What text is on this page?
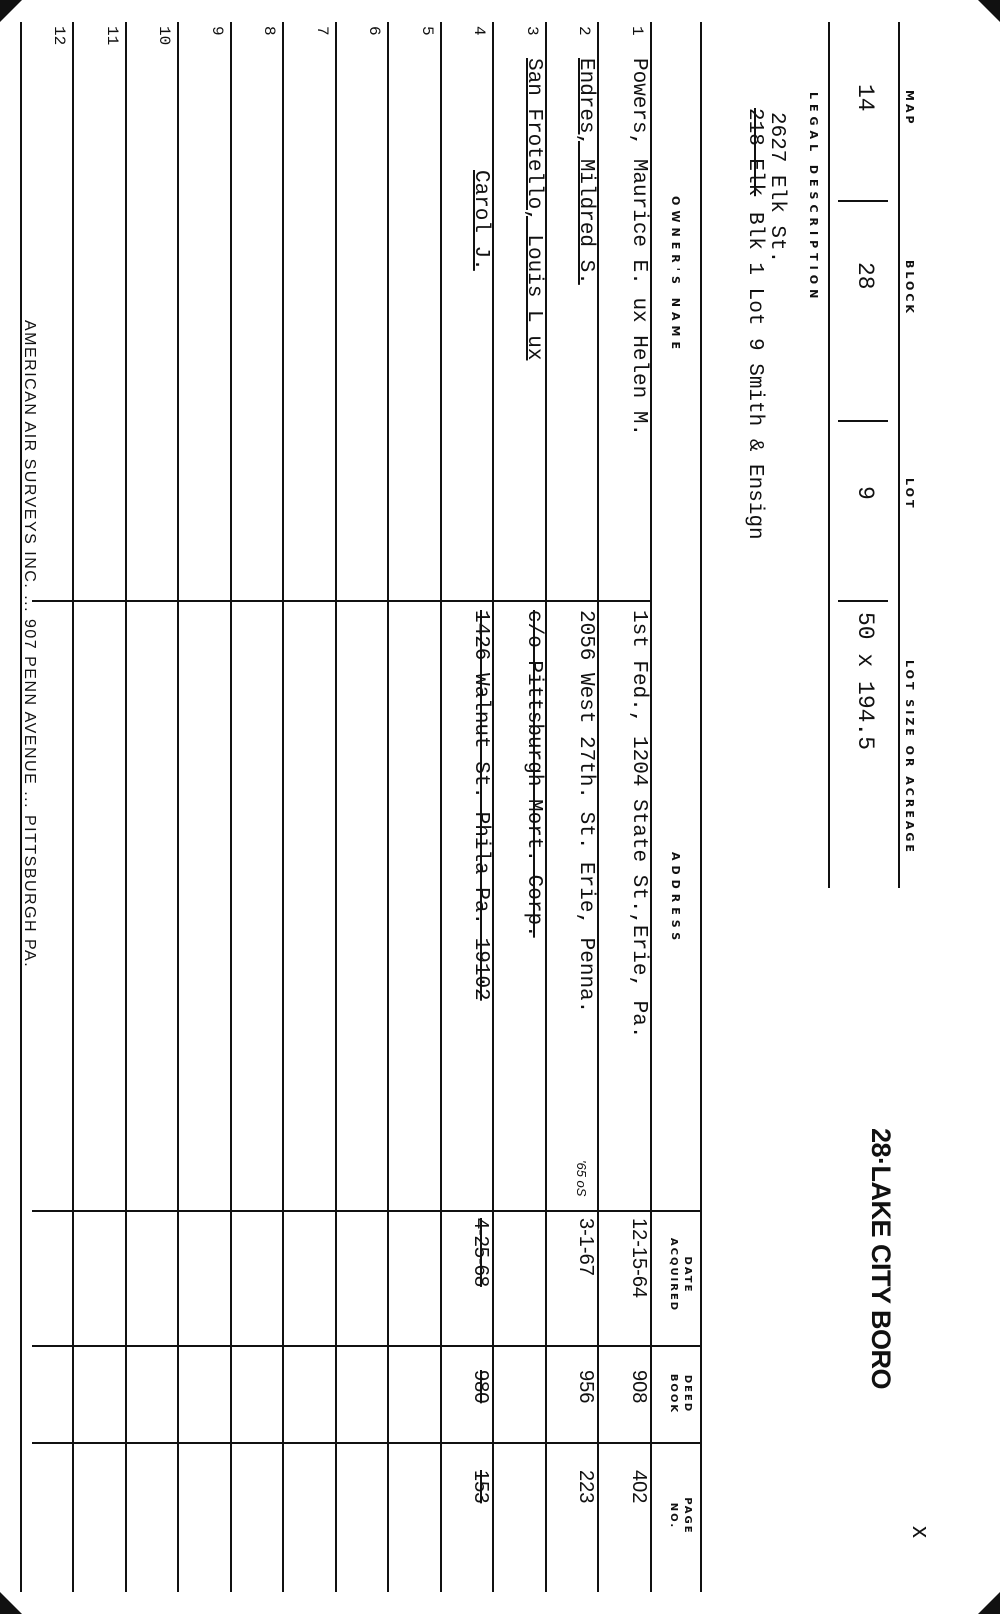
MAP
BLOCK
LOT
LOT SIZE OR ACREAGE
14
28
9
50 x 194.5
28·LAKE CITY BORO
x
LEGAL DESCRIPTION
2627 Elk St.
218 Elk
Blk 1 Lot 9 Smith & Ensign
OWNER'S NAME
ADDRESS
DATE
ACQUIRED
DEED
BOOK
PAGE
NO.
1
Powers, Maurice E. ux Helen M.
1st Fed., 1204 State St.,Erie, Pa.
12-15-64
908
402
2
Endres, Mildred S.
2056 West 27th. St. Erie, Penna.
3-1-67
956
223
'65 oS
3
San Frotello, Louis L ux
c/o Pittsburgh Mort. Corp.
4
Carol J.
1426 Walnut St. Phila Pa. 19102
4-25-68
980
153
5
6
7
8
9
10
11
12
AMERICAN AIR SURVEYS INC. ... 907 PENN AVENUE ... PITTSBURGH PA.
